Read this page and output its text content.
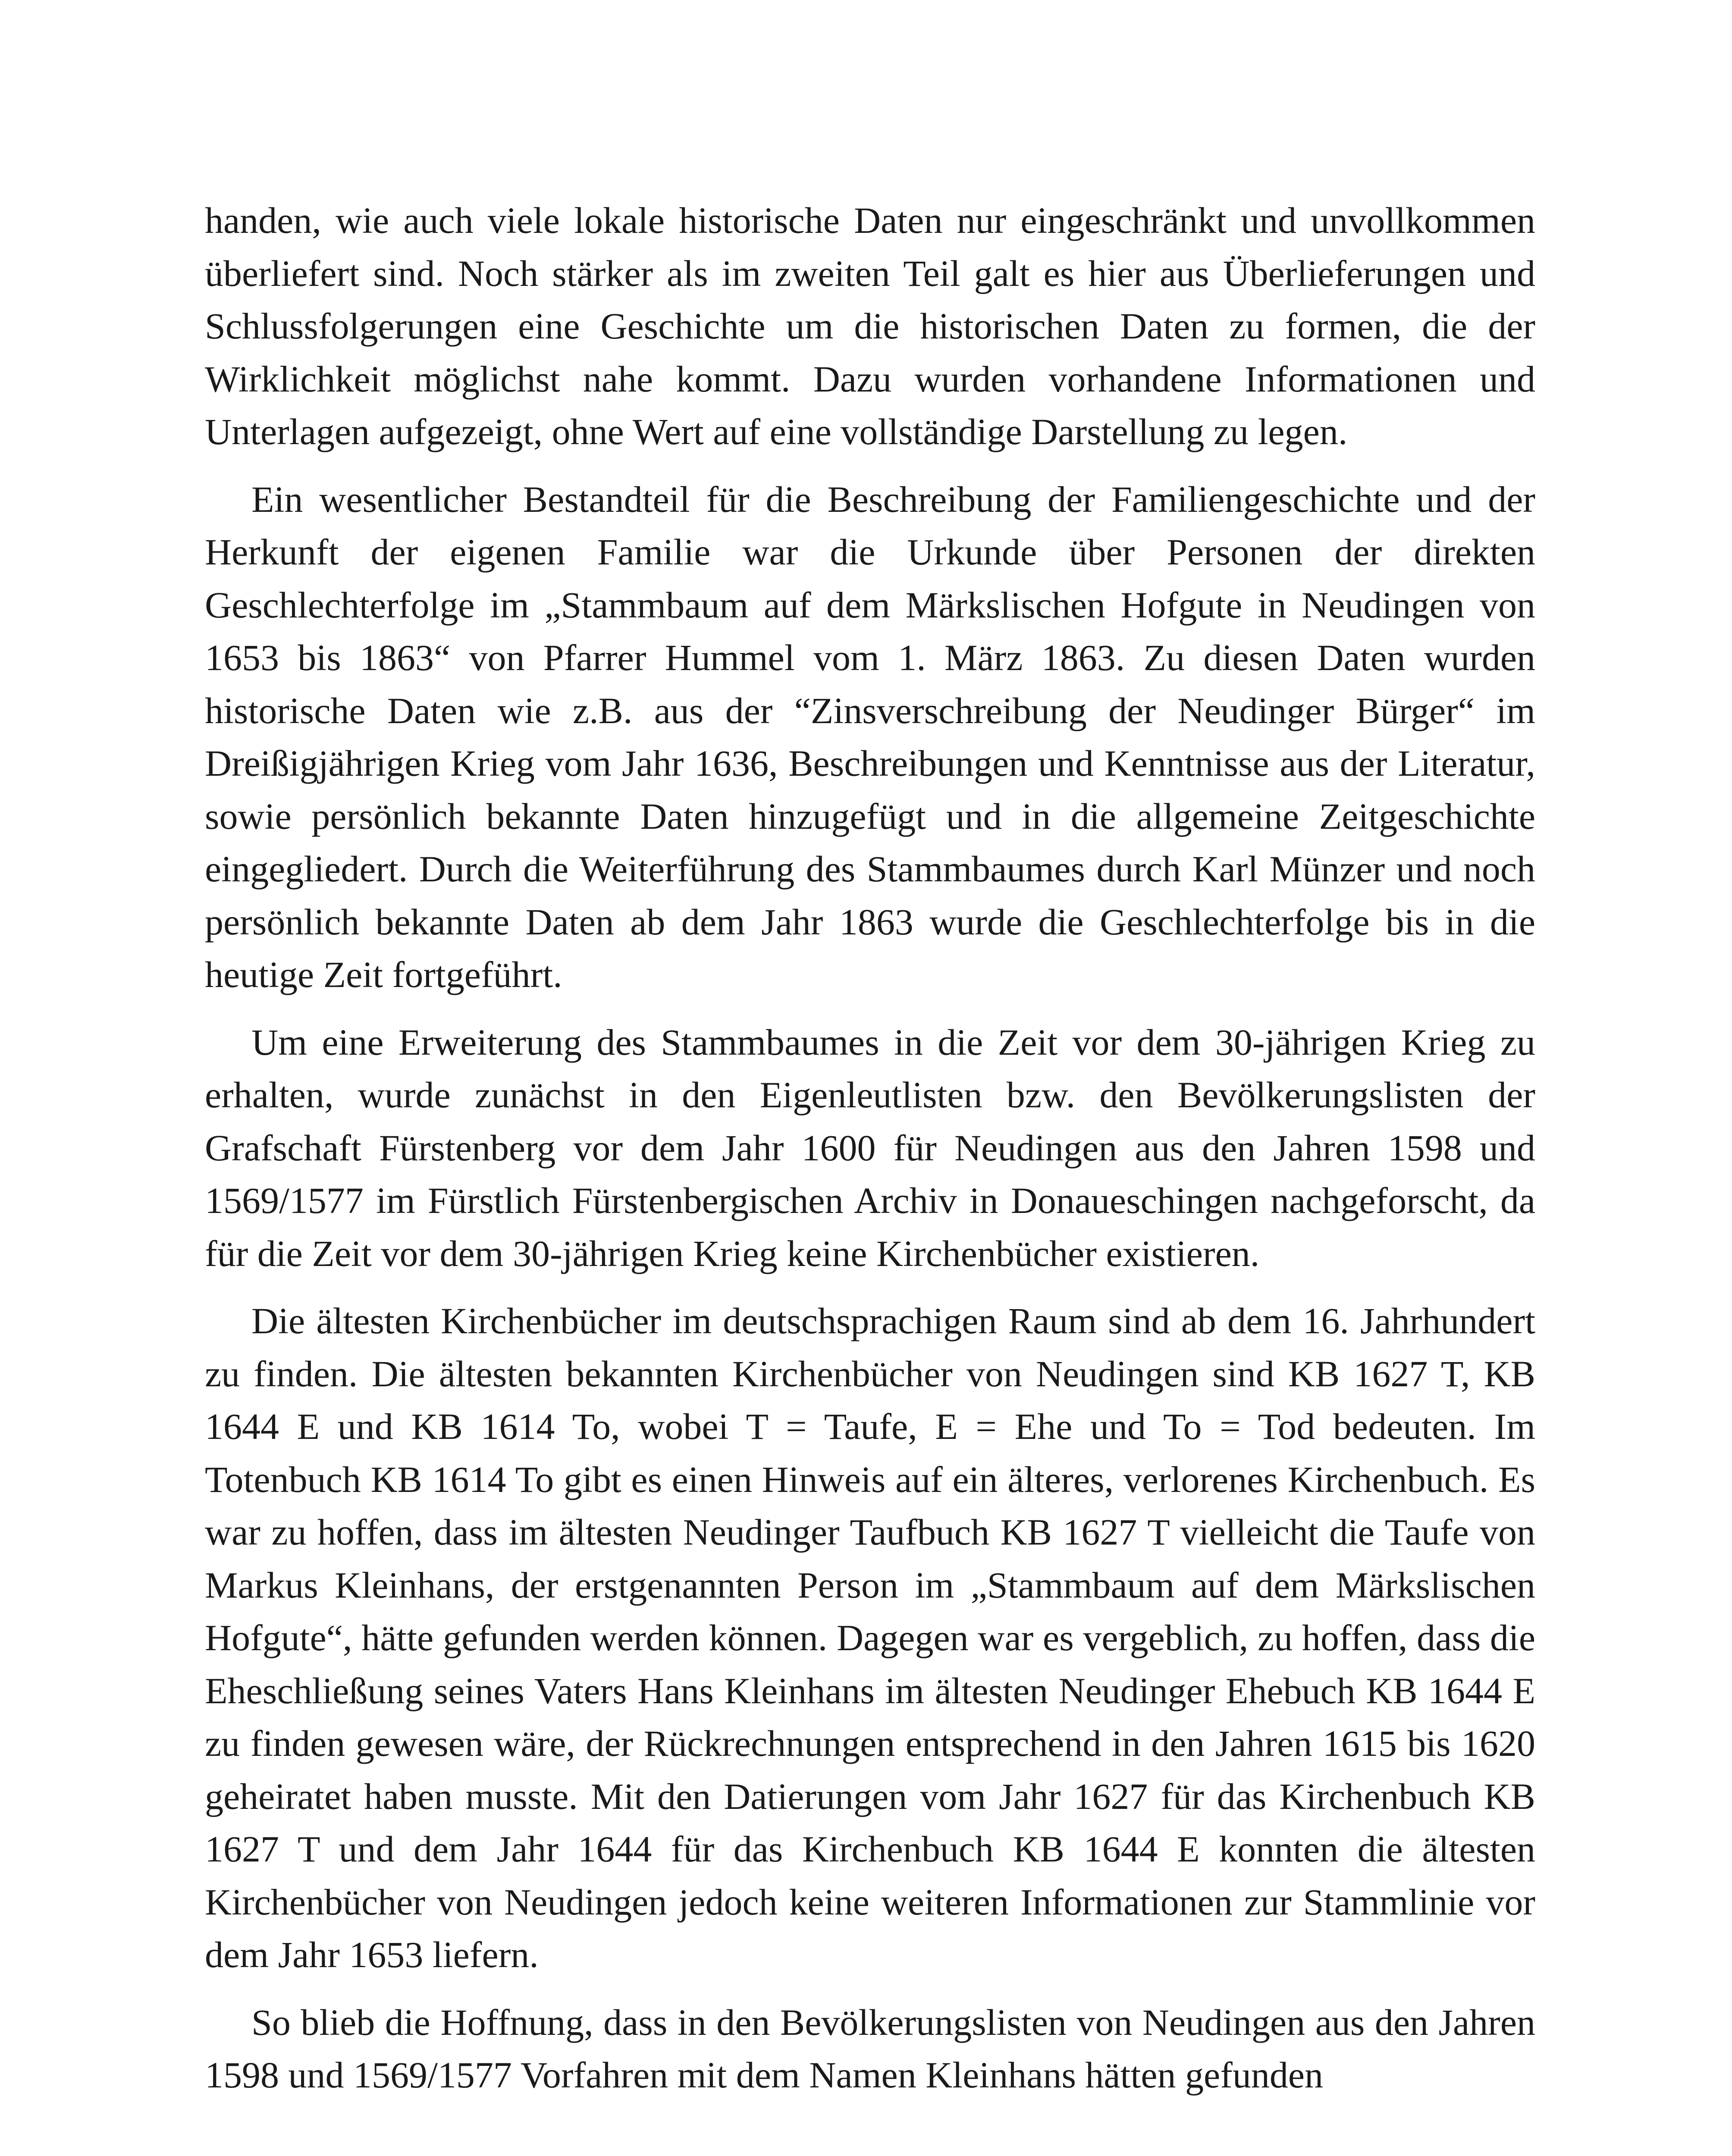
handen, wie auch viele lokale historische Daten nur eingeschränkt und unvollkommen überliefert sind. Noch stärker als im zweiten Teil galt es hier aus Überlieferungen und Schlussfolgerungen eine Geschichte um die historischen Daten zu formen, die der Wirklichkeit möglichst nahe kommt. Dazu wurden vorhandene Informationen und Unterlagen aufgezeigt, ohne Wert auf eine vollständige Darstellung zu legen.

Ein wesentlicher Bestandteil für die Beschreibung der Familiengeschichte und der Herkunft der eigenen Familie war die Urkunde über Personen der direkten Geschlechterfolge im „Stammbaum auf dem Märkslischen Hofgute in Neudingen von 1653 bis 1863“ von Pfarrer Hummel vom 1. März 1863. Zu diesen Daten wurden historische Daten wie z.B. aus der “Zinsverschreibung der Neudinger Bürger“ im Dreißigjährigen Krieg vom Jahr 1636, Beschreibungen und Kenntnisse aus der Literatur, sowie persönlich bekannte Daten hinzugefügt und in die allgemeine Zeitgeschichte eingegliedert. Durch die Weiterführung des Stammbaumes durch Karl Münzer und noch persönlich bekannte Daten ab dem Jahr 1863 wurde die Geschlechterfolge bis in die heutige Zeit fortgeführt.

Um eine Erweiterung des Stammbaumes in die Zeit vor dem 30-jährigen Krieg zu erhalten, wurde zunächst in den Eigenleutlisten bzw. den Bevölkerungslisten der Grafschaft Fürstenberg vor dem Jahr 1600 für Neudingen aus den Jahren 1598 und 1569/1577 im Fürstlich Fürstenbergischen Archiv in Donaueschingen nachgeforscht, da für die Zeit vor dem 30-jährigen Krieg keine Kirchenbücher existieren.

Die ältesten Kirchenbücher im deutschsprachigen Raum sind ab dem 16. Jahrhundert zu finden. Die ältesten bekannten Kirchenbücher von Neudingen sind KB 1627 T, KB 1644 E und KB 1614 To, wobei T = Taufe, E = Ehe und To = Tod bedeuten. Im Totenbuch KB 1614 To gibt es einen Hinweis auf ein älteres, verlorenes Kirchenbuch. Es war zu hoffen, dass im ältesten Neudinger Taufbuch KB 1627 T vielleicht die Taufe von Markus Kleinhans, der erstgenannten Person im „Stammbaum auf dem Märkslischen Hofgute“, hätte gefunden werden können. Dagegen war es vergeblich, zu hoffen, dass die Eheschließung seines Vaters Hans Kleinhans im ältesten Neudinger Ehebuch KB 1644 E zu finden gewesen wäre, der Rückrechnungen entsprechend in den Jahren 1615 bis 1620 geheiratet haben musste. Mit den Datierungen vom Jahr 1627 für das Kirchenbuch KB 1627 T und dem Jahr 1644 für das Kirchenbuch KB 1644 E konnten die ältesten Kirchenbücher von Neudingen jedoch keine weiteren Informationen zur Stammlinie vor dem Jahr 1653 liefern.

So blieb die Hoffnung, dass in den Bevölkerungslisten von Neudingen aus den Jahren 1598 und 1569/1577 Vorfahren mit dem Namen Kleinhans hätten gefunden
